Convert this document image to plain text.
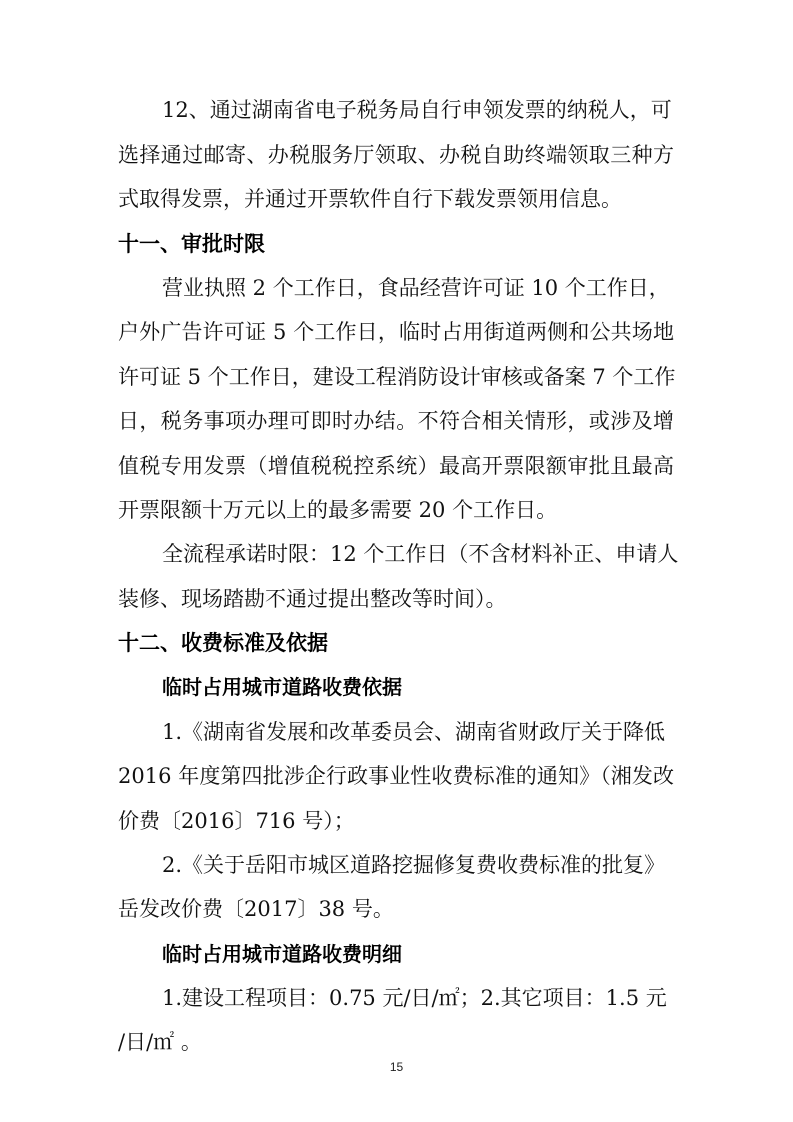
12、通过湖南省电子税务局自行申领发票的纳税人，可
选择通过邮寄、办税服务厅领取、办税自助终端领取三种方
式取得发票，并通过开票软件自行下载发票领用信息。
十一、审批时限
营业执照 2 个工作日，食品经营许可证 10 个工作日，
户外广告许可证 5 个工作日，临时占用街道两侧和公共场地
许可证 5 个工作日，建设工程消防设计审核或备案 7 个工作
日，税务事项办理可即时办结。不符合相关情形，或涉及增
值税专用发票（增值税税控系统）最高开票限额审批且最高
开票限额十万元以上的最多需要 20 个工作日。
全流程承诺时限：12 个工作日（不含材料补正、申请人
装修、现场踏勘不通过提出整改等时间）。
十二、收费标准及依据
临时占用城市道路收费依据
1.《湖南省发展和改革委员会、湖南省财政厅关于降低
2016 年度第四批涉企行政事业性收费标准的通知》（湘发改
价费〔2016〕716 号）；
2.《关于岳阳市城区道路挖掘修复费收费标准的批复》
岳发改价费〔2017〕38 号。
临时占用城市道路收费明细
1.建设工程项目：0.75 元/日/㎡；2.其它项目：1.5 元
/日/㎡ 。
15
